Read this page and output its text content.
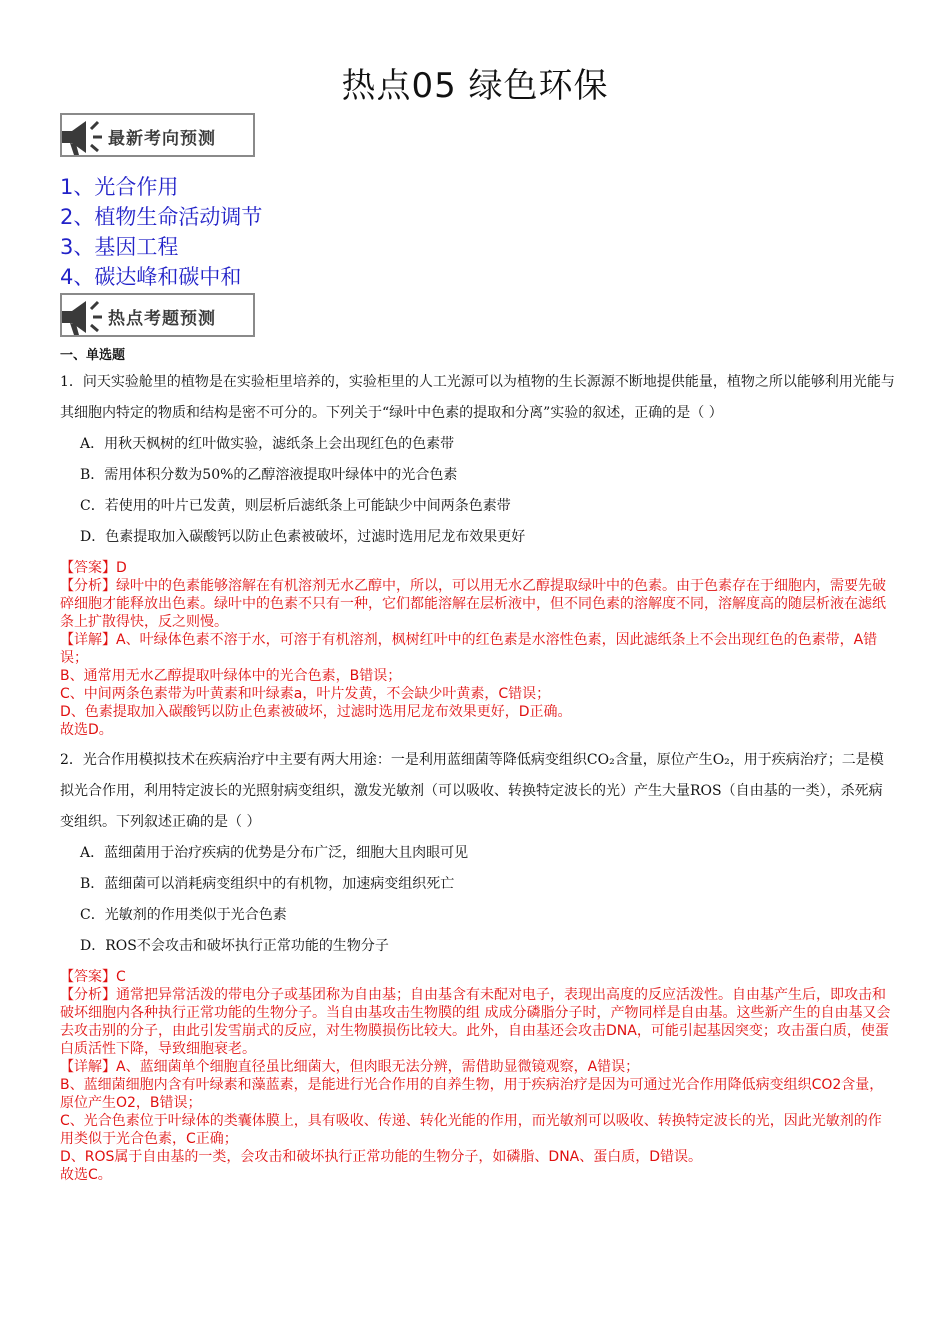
热点05 绿色环保
最新考向预测
1、光合作用
2、植物生命活动调节
3、基因工程
4、碳达峰和碳中和
热点考题预测

一、单选题

1．问天实验舱里的植物是在实验柜里培养的，实验柜里的人工光源可以为植物的生长源源不断地提供能量，植物之所以能够利用光能与其细胞内特定的物质和结构是密不可分的。下列关于“绿叶中色素的提取和分离”实验的叙述，正确的是（ ）

A．用秋天枫树的红叶做实验，滤纸条上会出现红色的色素带

B．需用体积分数为50%的乙醇溶液提取叶绿体中的光合色素

C．若使用的叶片已发黄，则层析后滤纸条上可能缺少中间两条色素带

D．色素提取加入碳酸钙以防止色素被破坏，过滤时选用尼龙布效果更好

【答案】D

【分析】绿叶中的色素能够溶解在有机溶剂无水乙醇中，所以，可以用无水乙醇提取绿叶中的色素。由于色素存在于细胞内，需要先破碎细胞才能释放出色素。绿叶中的色素不只有一种，它们都能溶解在层析液中，但不同色素的溶解度不同，溶解度高的随层析液在滤纸条上扩散得快，反之则慢。

【详解】A、叶绿体色素不溶于水，可溶于有机溶剂，枫树红叶中的红色素是水溶性色素，因此滤纸条上不会出现红色的色素带，A错误；

B、通常用无水乙醇提取叶绿体中的光合色素，B错误；

C、中间两条色素带为叶黄素和叶绿素a，叶片发黄，不会缺少叶黄素，C错误；

D、色素提取加入碳酸钙以防止色素被破坏，过滤时选用尼龙布效果更好，D正确。

故选D。

2．光合作用模拟技术在疾病治疗中主要有两大用途：一是利用蓝细菌等降低病变组织CO₂含量，原位产生O₂，用于疾病治疗；二是模拟光合作用，利用特定波长的光照射病变组织，激发光敏剂（可以吸收、转换特定波长的光）产生大量ROS（自由基的一类），杀死病变组织。下列叙述正确的是（ ）

A．蓝细菌用于治疗疾病的优势是分布广泛，细胞大且肉眼可见

B．蓝细菌可以消耗病变组织中的有机物，加速病变组织死亡

C．光敏剂的作用类似于光合色素

D．ROS不会攻击和破坏执行正常功能的生物分子

【答案】C

【分析】通常把异常活泼的带电分子或基团称为自由基；自由基含有未配对电子，表现出高度的反应活泼性。自由基产生后，即攻击和破坏细胞内各种执行正常功能的生物分子。当自由基攻击生物膜的组 成成分磷脂分子时，产物同样是自由基。这些新产生的自由基又会去攻击别的分子，由此引发雪崩式的反应，对生物膜损伤比较大。此外，自由基还会攻击DNA，可能引起基因突变；攻击蛋白质，使蛋白质活性下降，导致细胞衰老。

【详解】A、蓝细菌单个细胞直径虽比细菌大，但肉眼无法分辨，需借助显微镜观察，A错误；

B、蓝细菌细胞内含有叶绿素和藻蓝素，是能进行光合作用的自养生物，用于疾病治疗是因为可通过光合作用降低病变组织CO2含量，原位产生O2，B错误；

C、光合色素位于叶绿体的类囊体膜上，具有吸收、传递、转化光能的作用，而光敏剂可以吸收、转换特定波长的光，因此光敏剂的作用类似于光合色素，C正确；

D、ROS属于自由基的一类，会攻击和破坏执行正常功能的生物分子，如磷脂、DNA、蛋白质，D错误。

故选C。
